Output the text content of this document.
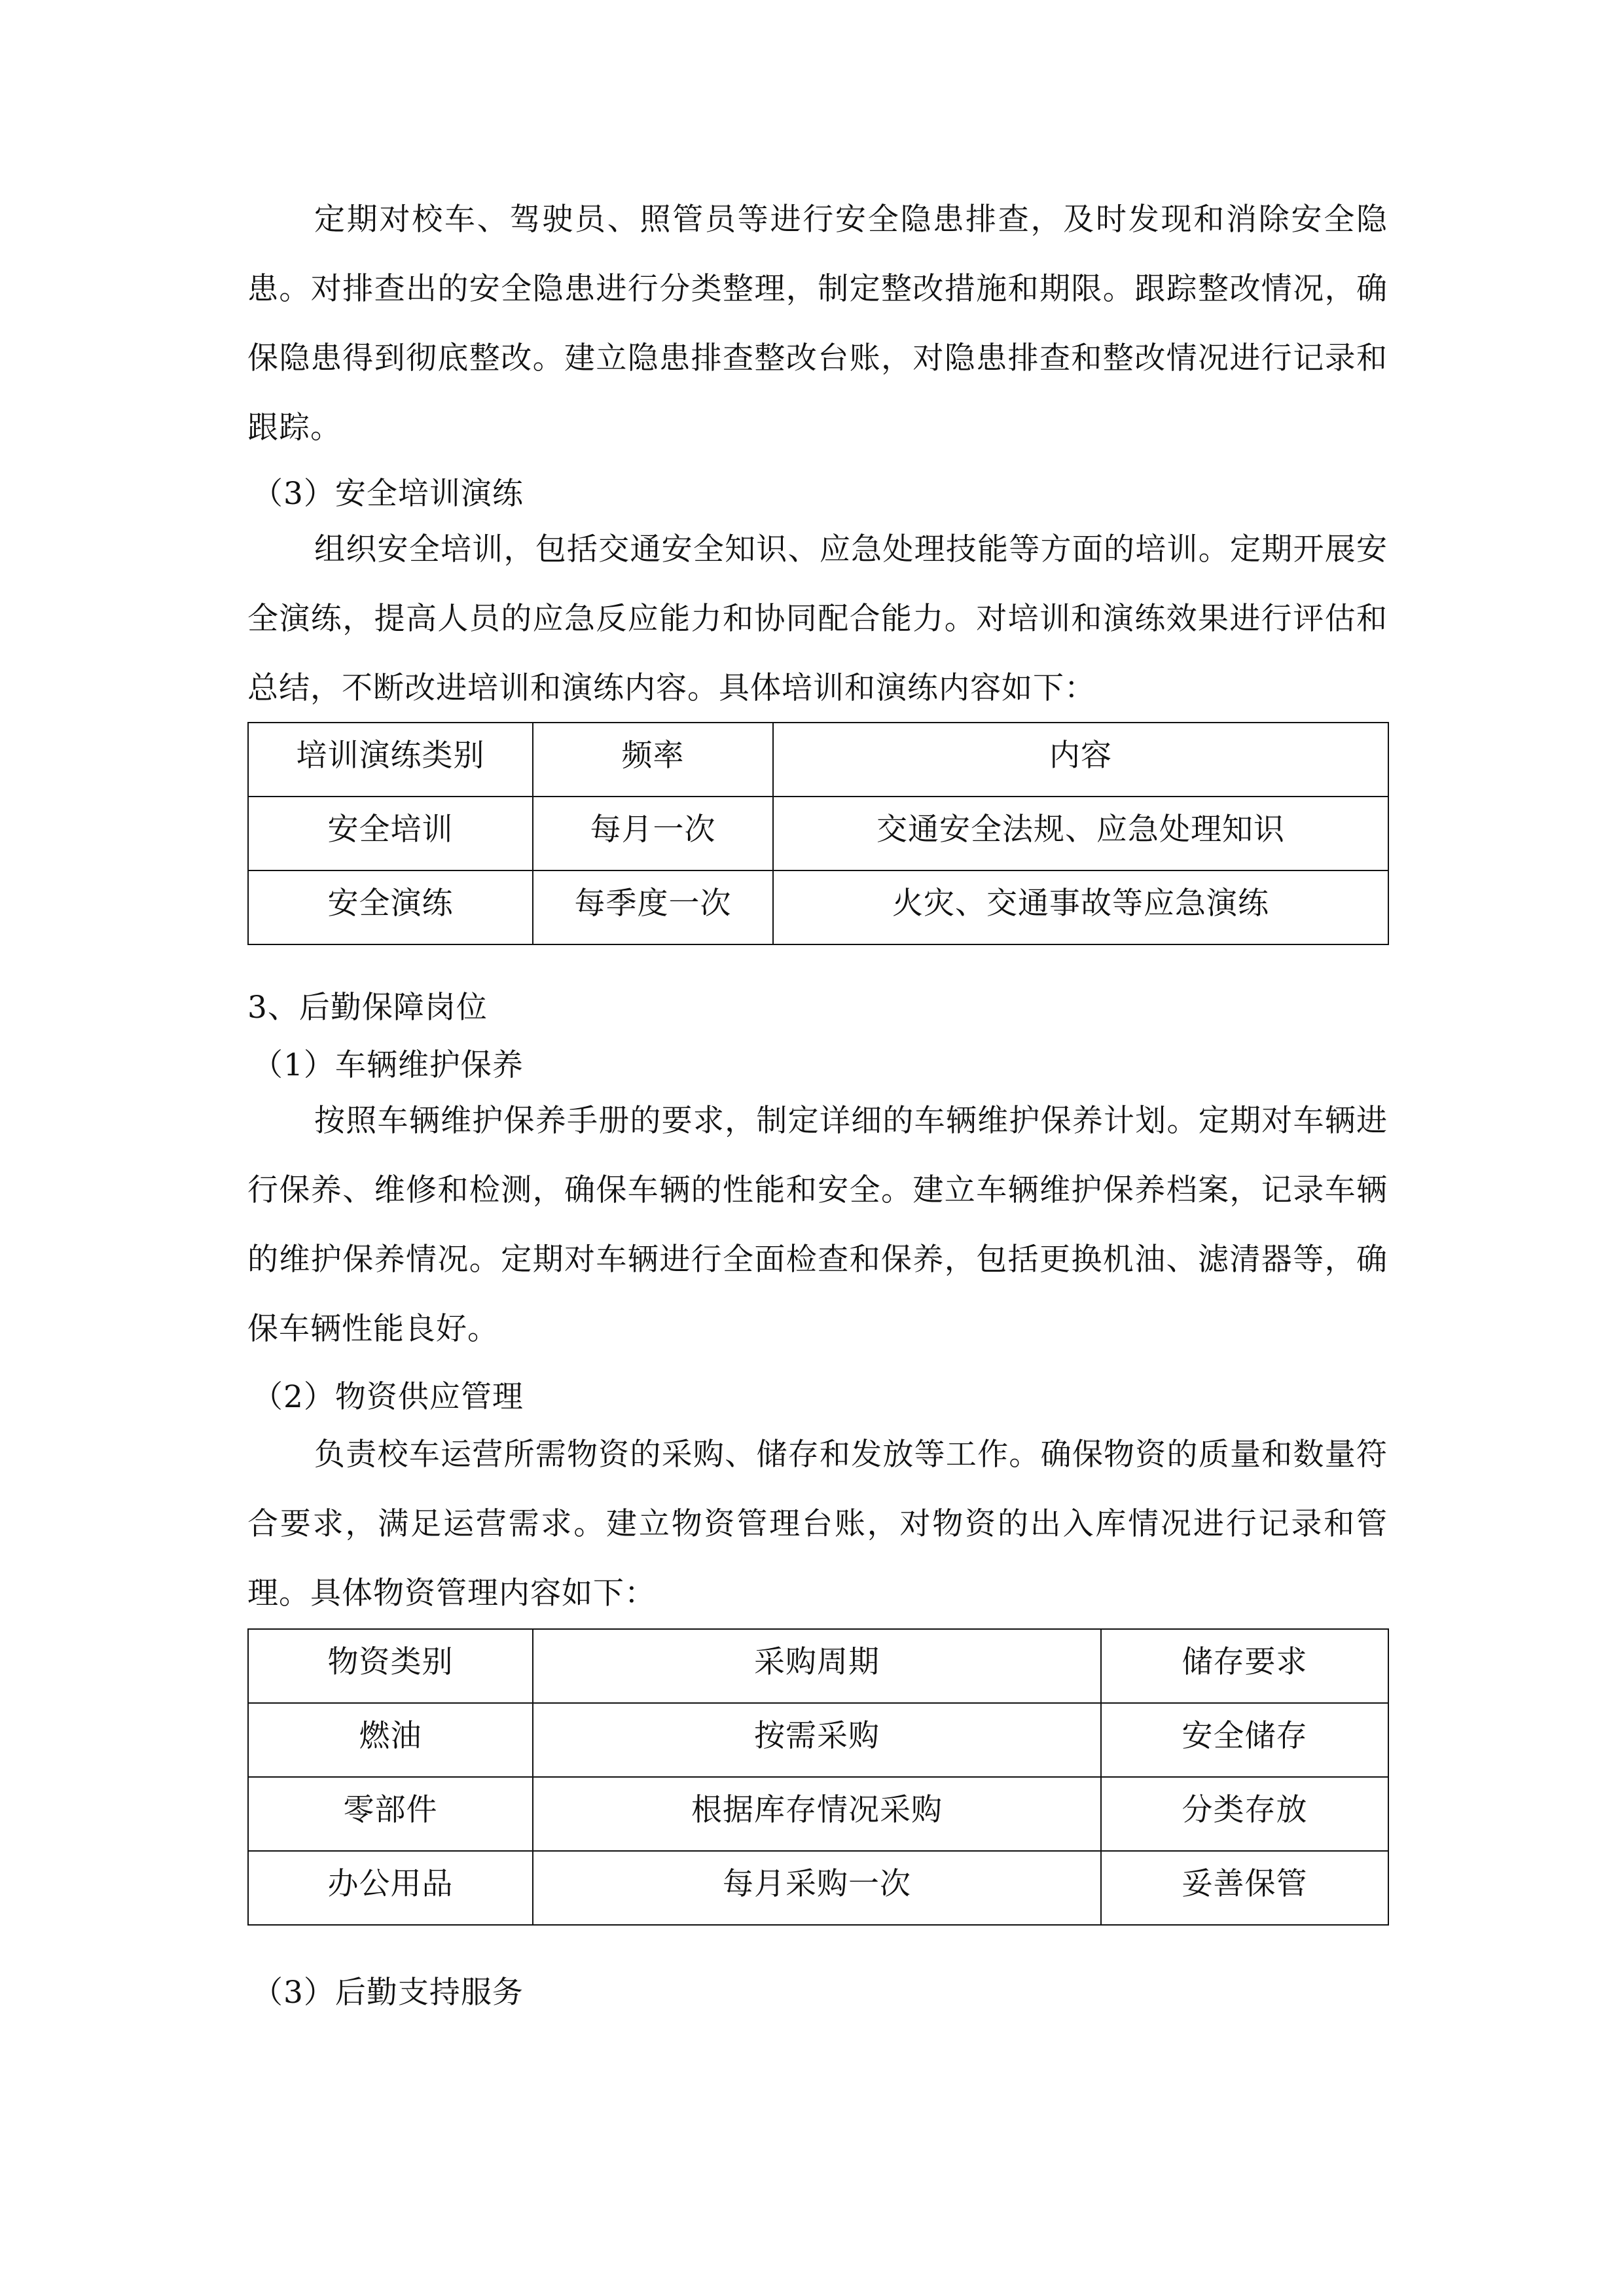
定期对校车、驾驶员、照管员等进行安全隐患排查，及时发现和消除安全隐患。对排查出的安全隐患进行分类整理，制定整改措施和期限。跟踪整改情况，确保隐患得到彻底整改。建立隐患排查整改台账，对隐患排查和整改情况进行记录和跟踪。

（3）安全培训演练

组织安全培训，包括交通安全知识、应急处理技能等方面的培训。定期开展安全演练，提高人员的应急反应能力和协同配合能力。对培训和演练效果进行评估和总结，不断改进培训和演练内容。具体培训和演练内容如下：

培训演练类别	频率	内容
安全培训	每月一次	交通安全法规、应急处理知识
安全演练	每季度一次	火灾、交通事故等应急演练

3、后勤保障岗位

（1）车辆维护保养

按照车辆维护保养手册的要求，制定详细的车辆维护保养计划。定期对车辆进行保养、维修和检测，确保车辆的性能和安全。建立车辆维护保养档案，记录车辆的维护保养情况。定期对车辆进行全面检查和保养，包括更换机油、滤清器等，确保车辆性能良好。

（2）物资供应管理

负责校车运营所需物资的采购、储存和发放等工作。确保物资的质量和数量符合要求，满足运营需求。建立物资管理台账，对物资的出入库情况进行记录和管理。具体物资管理内容如下：

物资类别	采购周期	储存要求
燃油	按需采购	安全储存
零部件	根据库存情况采购	分类存放
办公用品	每月采购一次	妥善保管

（3）后勤支持服务
